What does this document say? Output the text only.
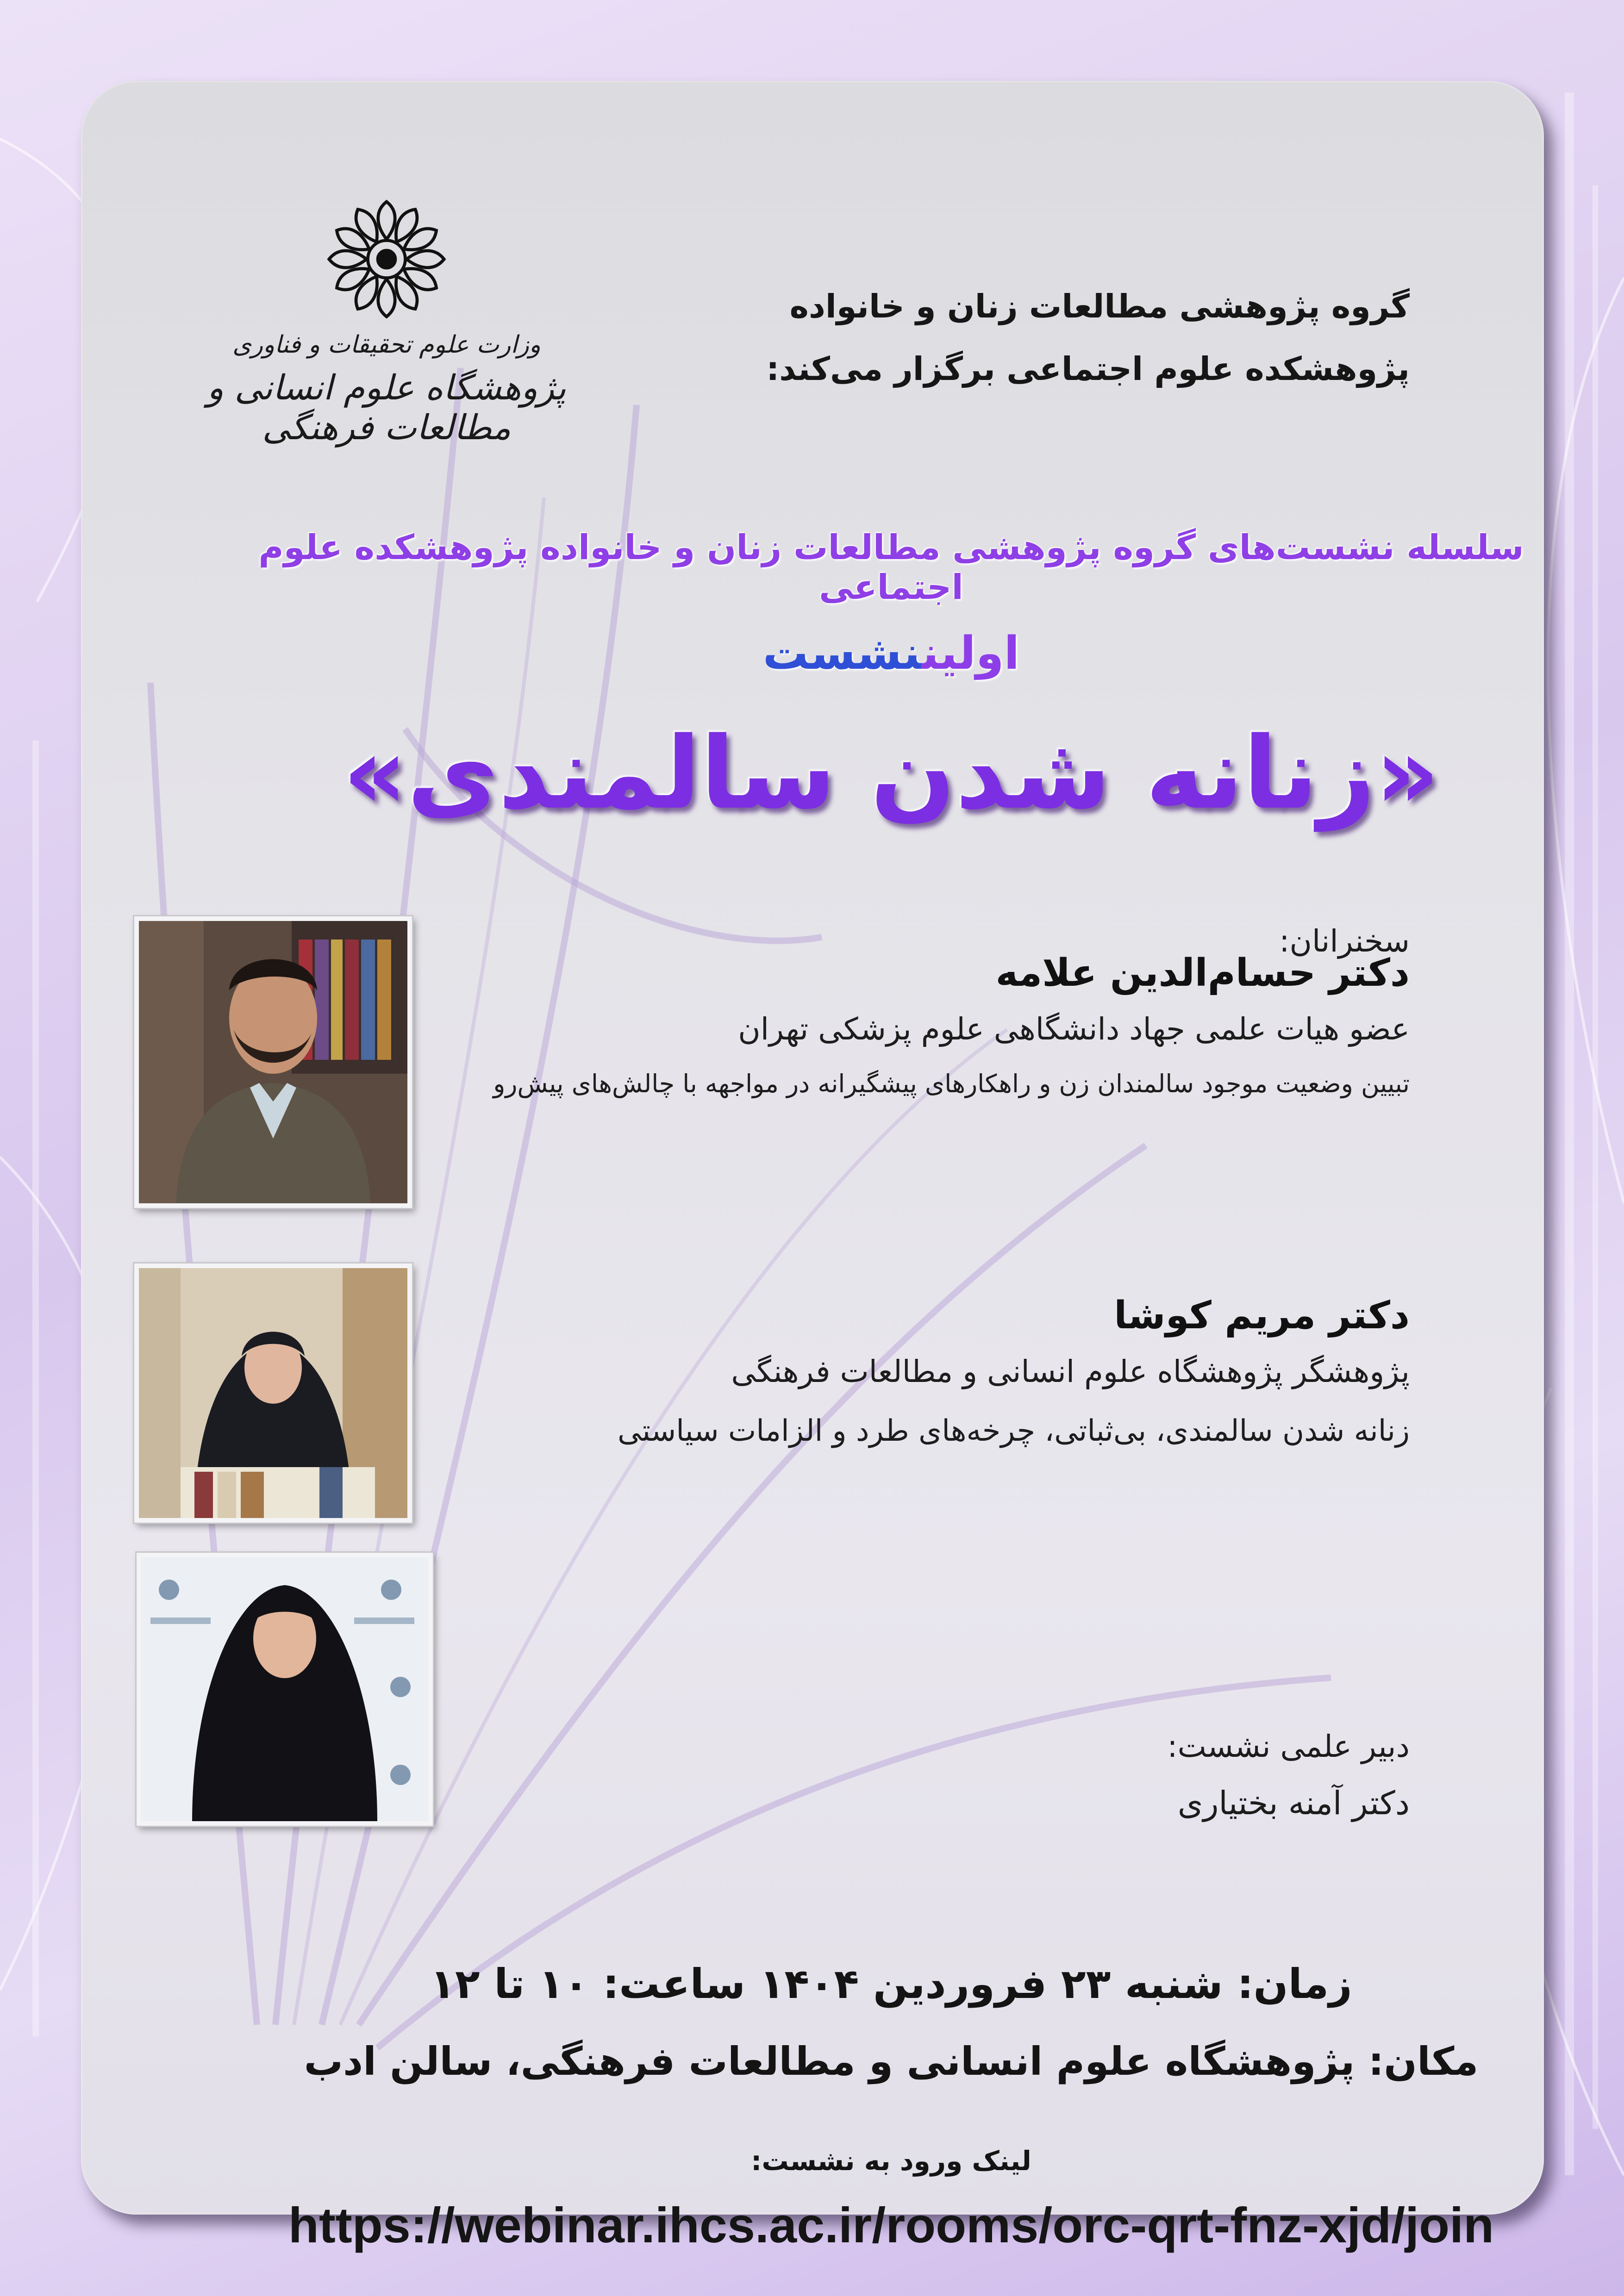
وزارت علوم تحقیقات و فناوری
پژوهشگاه علوم انسانی و مطالعات فرهنگی
گروه پژوهشی مطالعات زنان و خانواده
پژوهشکده علوم اجتماعی برگزار می‌کند:
سلسله نشست‌های گروه پژوهشی مطالعات زنان و خانواده پژوهشکده علوم اجتماعی
اولیننشست
«زنانه شدن سالمندی»
سخنرانان:
دکتر حسام‌الدین علامه
عضو هیات علمی جهاد دانشگاهی علوم پزشکی تهران
تبیین وضعیت موجود سالمندان زن و راهکارهای پیشگیرانه در مواجهه با چالش‌های پیش‌رو
دکتر مریم کوشا
پژوهشگر پژوهشگاه علوم انسانی و مطالعات فرهنگی
زنانه شدن سالمندی، بی‌ثباتی، چرخه‌های طرد و الزامات سیاستی
دبیر علمی نشست:
دکتر آمنه بختیاری
زمان: شنبه ۲۳ فروردین ۱۴۰۴ ساعت: ۱۰ تا ۱۲
مکان: پژوهشگاه علوم انسانی و مطالعات فرهنگی، سالن ادب
لینک ورود به نشست:
https://webinar.ihcs.ac.ir/rooms/orc-qrt-fnz-xjd/join
